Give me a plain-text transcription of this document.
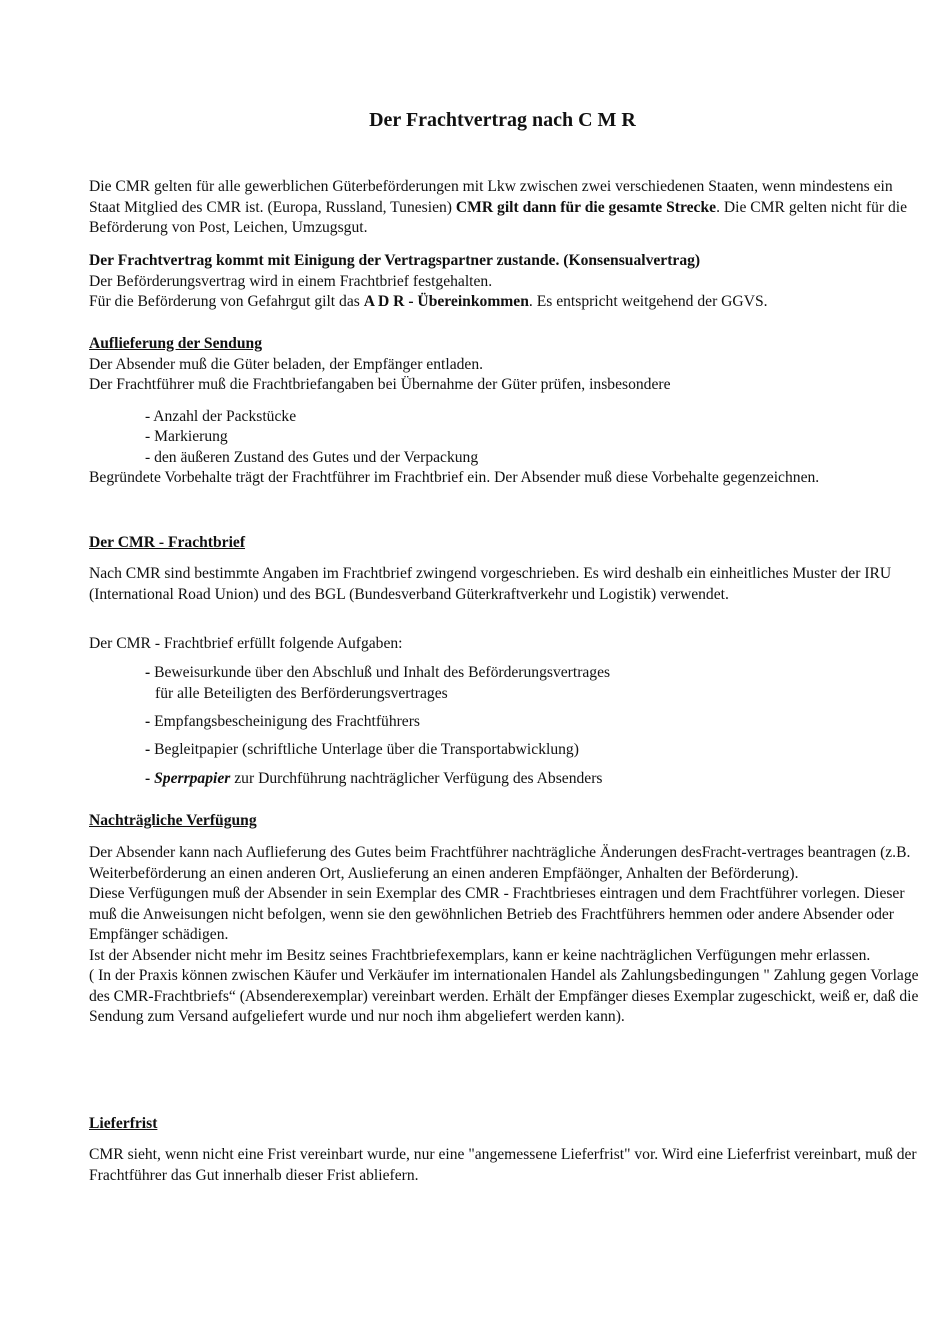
Der Frachtvertrag nach C M R

Die CMR gelten für alle gewerblichen Güterbeförderungen mit Lkw zwischen zwei verschiedenen Staaten, wenn mindestens ein Staat Mitglied des CMR ist. (Europa, Russland, Tunesien) CMR gilt dann für die gesamte Strecke. Die CMR gelten nicht für die Beförderung von Post, Leichen, Umzugsgut.

Der Frachtvertrag kommt mit Einigung der Vertragspartner zustande. (Konsensualvertrag)
Der Beförderungsvertrag wird in einem Frachtbrief festgehalten.
Für die Beförderung von Gefahrgut gilt das A D R - Übereinkommen. Es entspricht weitgehend der GGVS.
Auflieferung der Sendung
Der Absender muß die Güter beladen, der Empfänger entladen.
Der Frachtführer muß die Frachtbriefangaben bei Übernahme der Güter prüfen, insbesondere
- Anzahl der Packstücke
- Markierung
- den äußeren Zustand des Gutes und der Verpackung
Begründete Vorbehalte trägt der Frachtführer im Frachtbrief ein. Der Absender muß diese Vorbehalte gegenzeichnen.
Der CMR - Frachtbrief

Nach CMR sind bestimmte Angaben im Frachtbrief zwingend vorgeschrieben. Es wird deshalb ein einheitliches Muster der IRU (International Road Union) und des BGL (Bundesverband Güterkraftverkehr und Logistik) verwendet.

Der CMR - Frachtbrief erfüllt folgende Aufgaben:

- Beweisurkunde über den Abschluß und Inhalt des Beförderungsvertrages
für alle Beteiligten des Berförderungsvertrages
- Empfangsbescheinigung des Frachtführers
- Begleitpapier (schriftliche Unterlage über die Transportabwicklung)
- Sperrpapier zur Durchführung nachträglicher Verfügung des Absenders
Nachträgliche Verfügung

Der Absender kann nach Auflieferung des Gutes beim Frachtführer nachträgliche Änderungen desFracht-vertrages beantragen (z.B. Weiterbeförderung an einen anderen Ort, Auslieferung an einen anderen Empfäönger, Anhalten der Beförderung).

Diese Verfügungen muß der Absender in sein Exemplar des CMR - Frachtbrieses eintragen und dem Frachtführer vorlegen. Dieser muß die Anweisungen nicht befolgen, wenn sie den gewöhnlichen Betrieb des Frachtführers hemmen oder andere Absender oder Empfänger schädigen.

Ist der Absender nicht mehr im Besitz seines Frachtbriefexemplars, kann er keine nachträglichen Verfügungen mehr erlassen.

( In der Praxis können zwischen Käufer und Verkäufer im internationalen Handel als Zahlungsbedingungen " Zahlung gegen Vorlage des CMR-Frachtbriefs“ (Absenderexemplar) vereinbart werden. Erhält der Empfänger dieses Exemplar zugeschickt, weiß er, daß die Sendung zum Versand aufgeliefert wurde und nur noch ihm abgeliefert werden kann).

Lieferfrist

CMR sieht, wenn nicht eine Frist vereinbart wurde, nur eine "angemessene Lieferfrist" vor. Wird eine Lieferfrist vereinbart, muß der Frachtführer das Gut innerhalb dieser Frist abliefern.
